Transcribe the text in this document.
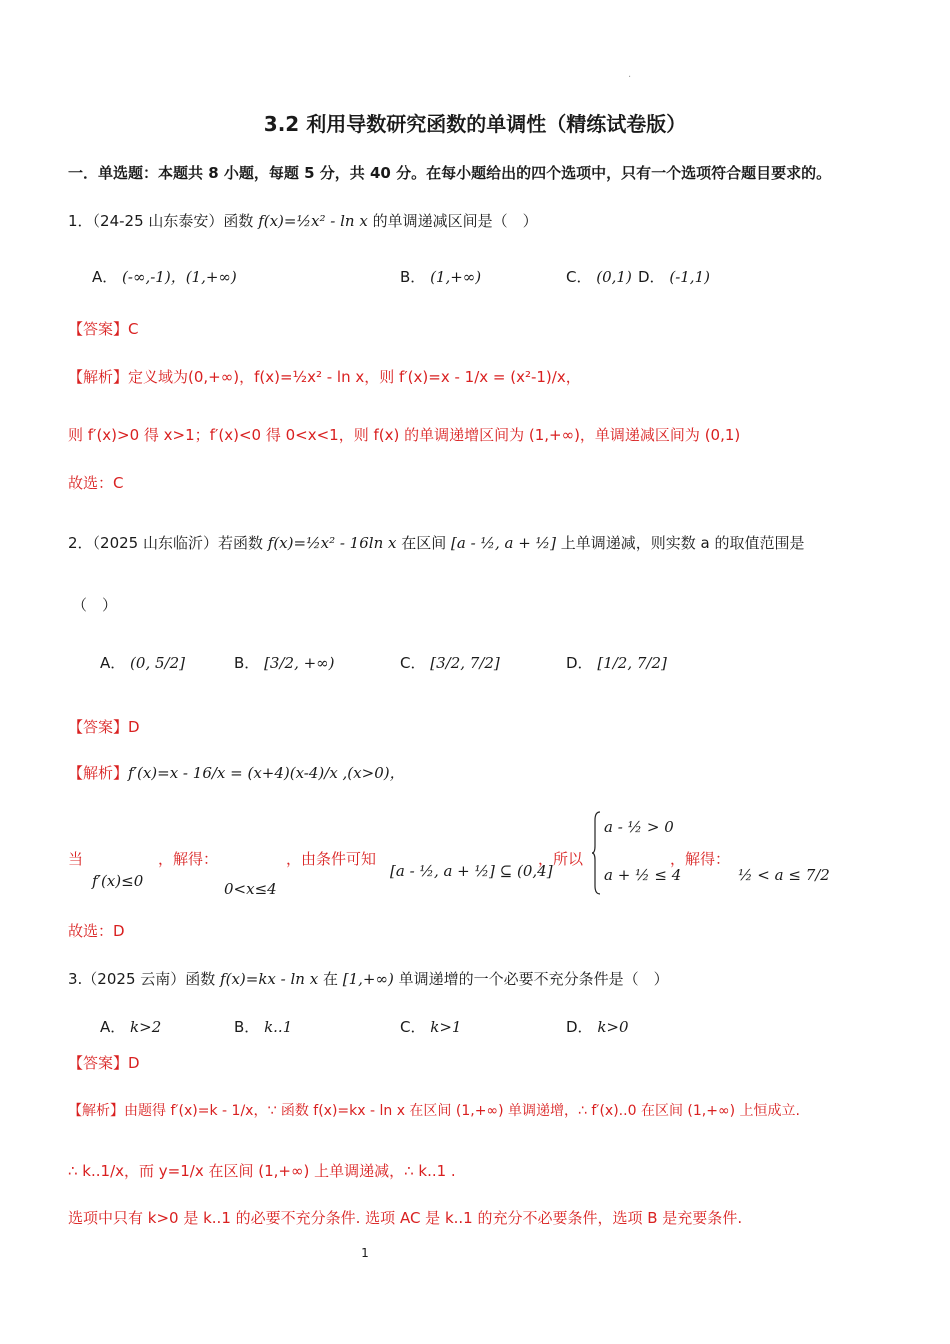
·
3.2 利用导数研究函数的单调性（精练试卷版）
一．单选题：本题共 8 小题，每题 5 分，共 40 分。在每小题给出的四个选项中，只有一个选项符合题目要求的。
1．（24-25 山东泰安）函数 f(x)=½x² - ln x 的单调递减区间是（　）
A． (-∞,-1)，(1,+∞)	B． (1,+∞)	C． (0,1) D． (-1,1)
【答案】C
【解析】定义域为(0,+∞)，f(x)=½x² - ln x，则 f′(x)=x - 1/x = (x²-1)/x，
则 f′(x)>0 得 x>1；f′(x)<0 得 0<x<1，则 f(x) 的单调递增区间为 (1,+∞)，单调递减区间为 (0,1)
故选：C
2．（2025 山东临沂）若函数 f(x)=½x² - 16ln x 在区间 [a - ½, a + ½] 上单调递减，则实数 a 的取值范围是
（　）
A． (0, 5/2]	B． [3/2, +∞)	C． [3/2, 7/2]	D． [1/2, 7/2]
【答案】D
【解析】f′(x)=x - 16/x = (x+4)(x-4)/x ,(x>0)，
当
f′(x)≤0
，解得：
0<x≤4
，由条件可知
[a - ½, a + ½] ⊆ (0,4]
，所以
a - ½ > 0
a + ½ ≤ 4
，解得：
½ < a ≤ 7/2
故选：D
3.（2025 云南）函数 f(x)=kx - ln x 在 [1,+∞) 单调递增的一个必要不充分条件是（　）
A． k>2	B． k..1	C． k>1	D． k>0
【答案】D
【解析】由题得 f′(x)=k - 1/x，∵ 函数 f(x)=kx - ln x 在区间 (1,+∞) 单调递增，∴ f′(x)..0 在区间 (1,+∞) 上恒成立.
∴ k..1/x，而 y=1/x 在区间 (1,+∞) 上单调递减，∴ k..1 .
选项中只有 k>0 是 k..1 的必要不充分条件. 选项 AC 是 k..1 的充分不必要条件，选项 B 是充要条件.
1
